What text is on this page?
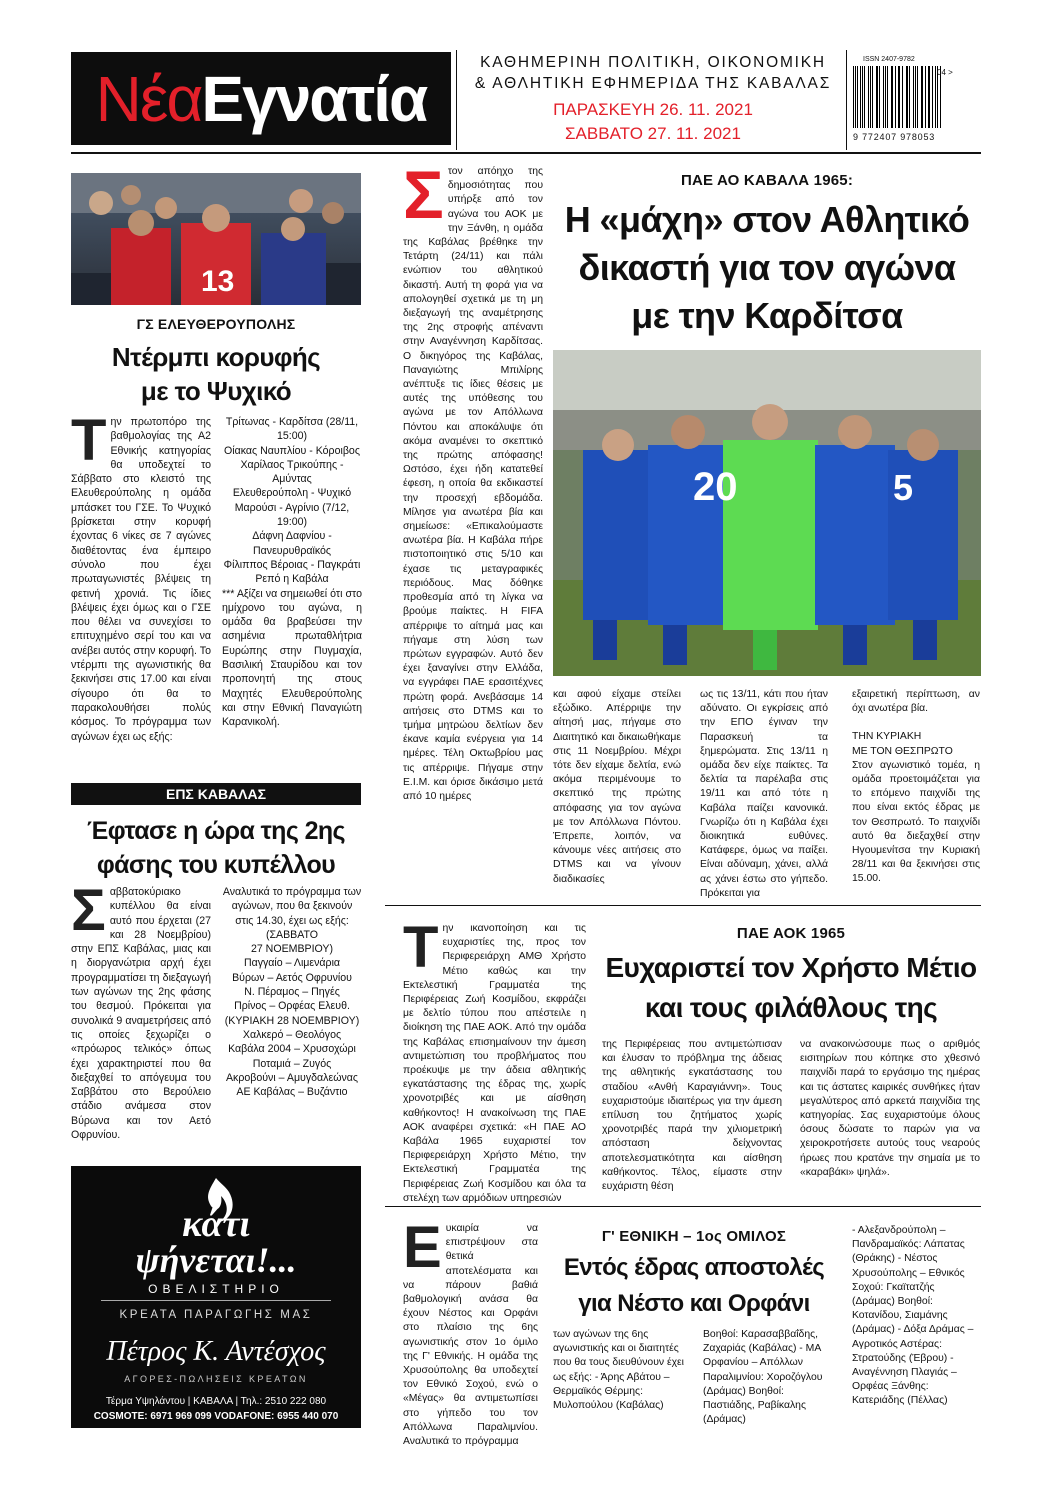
Νέα Εγνατία	ΚΑΘΗΜΕΡΙΝΗ ΠΟΛΙΤΙΚΗ, ΟΙΚΟΝΟΜΙΚΗ
& ΑΘΛΗΤΙΚΗ ΕΦΗΜΕΡΙΔΑ ΤΗΣ ΚΑΒΑΛΑΣ
ΠΑΡΑΣΚΕΥΗ 26. 11. 2021
ΣΑΒΒΑΤΟ 27. 11. 2021
ISSN 2407-9782
04 >
9 772407 978053
13
ΓΣ ΕΛΕΥΘΕΡΟΥΠΟΛΗΣ
Ντέρμπι κορυφής
με το Ψυχικό
Την πρωτοπόρο της βαθμολογίας της Α2 Εθνικής κατηγορίας θα υποδεχτεί το Σάββατο στο κλειστό της Ελευθερούπολης η ομάδα μπάσκετ του ΓΣΕ. Το Ψυχικό βρίσκεται στην κορυφή έχοντας 6 νίκες σε 7 αγώνες διαθέτοντας ένα έμπειρο σύνολο που έχει πρωταγωνιστές βλέψεις τη φετινή χρονιά. Τις ίδιες βλέψεις έχει όμως και ο ΓΣΕ που θέλει να συνεχίσει το επιτυχημένο σερί του και να ανέβει αυτός στην κορυφή. Το ντέρμπι της αγωνιστικής θα ξεκινήσει στις 17.00 και είναι σίγουρο ότι θα το παρακολουθήσει πολύς κόσμος. Το πρόγραμμα των αγώνων έχει ως εξής:
Τρίτωνας - Καρδίτσα (28/11, 15:00)
Οίακας Ναυπλίου - Κόροιβος
Χαρίλαος Τρικούπης - Αμύντας
Ελευθερούπολη - Ψυχικό
Μαρούσι - Αγρίνιο (7/12, 19:00)
Δάφνη Δαφνίου - Πανευρυθραϊκός
Φίλιππος Βέροιας - Παγκράτι
Ρεπό η Καβάλα
*** Αξίζει να σημειωθεί ότι στο ημίχρονο του αγώνα, η ομάδα θα βραβεύσει την ασημένια πρωταθλήτρια Ευρώπης στην Πυγμαχία, Βασιλική Σταυρίδου και τον προπονητή της στους Μαχητές Ελευθερούπολης και στην Εθνική Παναγιώτη Καρανικολή.
ΕΠΣ ΚΑΒΑΛΑΣ
Έφτασε η ώρα της 2ης
φάσης του κυπέλλου
Σαββατοκύριακο κυπέλλου θα είναι αυτό που έρχεται (27 και 28 Νοεμβρίου) στην ΕΠΣ Καβάλας, μιας και η διοργανώτρια αρχή έχει προγραμματίσει τη διεξαγωγή των αγώνων της 2ης φάσης του θεσμού. Πρόκειται για συνολικά 9 αναμετρήσεις από τις οποίες ξεχωρίζει ο «πρόωρος τελικός» όπως έχει χαρακτηριστεί που θα διεξαχθεί το απόγευμα του Σαββάτου στο Βερούλειο στάδιο ανάμεσα στον Βύρωνα και τον Αετό Οφρυνίου.
Αναλυτικά το πρόγραμμα των αγώνων, που θα ξεκινούν στις 14.30, έχει ως εξής:
(ΣΑΒΒΑΤΟ
27 ΝΟΕΜΒΡΙΟΥ)
Παγγαίο – Λιμενάρια
Βύρων – Αετός Οφρυνίου
Ν. Πέραμος – Πηγές
Πρίνος – Ορφέας Ελευθ.
(ΚΥΡΙΑΚΗ 28 ΝΟΕΜΒΡΙΟΥ)
Χαλκερό – Θεολόγος
Καβάλα 2004 – Χρυσοχώρι
Ποταμιά – Ζυγός
Ακροβούνι – Αμυγδαλεώνας
ΑΕ Καβάλας – Βυζάντιο
κάτι
ψήνεται!...
ΟΒΕΛΙΣΤΗΡΙΟ
ΚΡΕΑΤΑ ΠΑΡΑΓΩΓΗΣ ΜΑΣ
Πέτρος Κ. Αντέσχος
ΑΓΟΡΕΣ-ΠΩΛΗΣΕΙΣ ΚΡΕΑΤΩΝ
Τέρμα Υψηλάντου | ΚΑΒΑΛΑ | Τηλ.: 2510 222 080
COSMOTE: 6971 969 099 VODAFONE: 6955 440 070
Στον απόηχο της δημοσιότητας που υπήρξε από τον αγώνα του ΑΟΚ με την Ξάνθη, η ομάδα της Καβάλας βρέθηκε την Τετάρτη (24/11) και πάλι ενώπιον του αθλητικού δικαστή. Αυτή τη φορά για να απολογηθεί σχετικά με τη μη διεξαγωγή της αναμέτρησης της 2ης στροφής απέναντι στην Αναγέννηση Καρδίτσας. Ο δικηγόρος της Καβάλας, Παναγιώτης Μπιλίρης ανέπτυξε τις ίδιες θέσεις με αυτές της υπόθεσης του αγώνα με τον Απόλλωνα Πόντου και αποκάλυψε ότι ακόμα αναμένει το σκεπτικό της πρώτης απόφασης! Ωστόσο, έχει ήδη κατατεθεί έφεση, η οποία θα εκδικαστεί την προσεχή εβδομάδα. Μίλησε για ανωτέρα βία και σημείωσε: «Επικαλούμαστε ανωτέρα βία. Η Καβάλα πήρε πιστοποιητικό στις 5/10 και έχασε τις μεταγραφικές περιόδους. Μας δόθηκε προθεσμία από τη λίγκα να βρούμε παίκτες. Η FIFA απέρριψε το αίτημά μας και πήγαμε στη λύση των πρώτων εγγραφών. Αυτό δεν έχει ξαναγίνει στην Ελλάδα, να εγγράφει ΠΑΕ ερασιτέχνες πρώτη φορά. Ανεβάσαμε 14 αιτήσεις στο DTMS και το τμήμα μητρώου δελτίων δεν έκανε καμία ενέργεια για 14 ημέρες. Τέλη Οκτωβρίου μας τις απέρριψε. Πήγαμε στην Ε.Ι.Μ. και όρισε δικάσιμο μετά από 10 ημέρες
ΠΑΕ ΑΟ ΚΑΒΑΛΑ 1965:
Η «μάχη» στον Αθλητικό
δικαστή για τον αγώνα
με την Καρδίτσα
20	5
και αφού είχαμε στείλει εξώδικο. Απέρριψε την αίτησή μας, πήγαμε στο Διαιτητικό και δικαιωθήκαμε στις 11 Νοεμβρίου. Μέχρι τότε δεν είχαμε δελτία, ενώ ακόμα περιμένουμε το σκεπτικό της πρώτης απόφασης για τον αγώνα με τον Απόλλωνα Πόντου. Έπρεπε, λοιπόν, να κάνουμε νέες αιτήσεις στο DTMS και να γίνουν διαδικασίες
ως τις 13/11, κάτι που ήταν αδύνατο. Οι εγκρίσεις από την ΕΠΟ έγιναν την Παρασκευή τα ξημερώματα. Στις 13/11 η ομάδα δεν είχε παίκτες. Τα δελτία τα παρέλαβα στις 19/11 και από τότε η Καβάλα παίζει κανονικά. Γνωρίζω ότι η Καβάλα έχει διοικητικά ευθύνες. Κατάφερε, όμως να παίξει. Είναι αδύναμη, χάνει, αλλά ας χάνει έστω στο γήπεδο. Πρόκειται για
εξαιρετική περίπτωση, αν όχι ανωτέρα βία.
ΤΗΝ ΚΥΡΙΑΚΗ
ΜΕ ΤΟΝ ΘΕΣΠΡΩΤΟ
Στον αγωνιστικό τομέα, η ομάδα προετοιμάζεται για το επόμενο παιχνίδι της που είναι εκτός έδρας με τον Θεσπρωτό. Το παιχνίδι αυτό θα διεξαχθεί στην Ηγουμενίτσα την Κυριακή 28/11 και θα ξεκινήσει στις 15.00.
Την ικανοποίηση και τις ευχαριστίες της, προς τον Περιφερειάρχη ΑΜΘ Χρήστο Μέτιο καθώς και την Εκτελεστική Γραμματέα της Περιφέρειας Ζωή Κοσμίδου, εκφράζει με δελτίο τύπου που απέστειλε η διοίκηση της ΠΑΕ ΑΟΚ. Από την ομάδα της Καβάλας επισημαίνουν την άμεση αντιμετώπιση του προβλήματος που προέκυψε με την άδεια αθλητικής εγκατάστασης της έδρας της, χωρίς χρονοτριβές και με αίσθηση καθήκοντος! Η ανακοίνωση της ΠΑΕ ΑΟΚ αναφέρει σχετικά: «Η ΠΑΕ ΑΟ Καβάλα 1965 ευχαριστεί τον Περιφερειάρχη Χρήστο Μέτιο, την Εκτελεστική Γραμματέα της Περιφέρειας Ζωή Κοσμίδου και όλα τα στελέχη των αρμόδιων υπηρεσιών
ΠΑΕ ΑΟΚ 1965
Ευχαριστεί τον Χρήστο Μέτιο
και τους φιλάθλους της
της Περιφέρειας που αντιμετώπισαν και έλυσαν το πρόβλημα της άδειας της αθλητικής εγκατάστασης του σταδίου «Ανθή Καραγιάννη». Τους ευχαριστούμε ιδιαιτέρως για την άμεση επίλυση του ζητήματος χωρίς χρονοτριβές παρά την χιλιομετρική απόσταση δείχνοντας αποτελεσματικότητα και αίσθηση καθήκοντος. Τέλος, είμαστε στην ευχάριστη θέση
να ανακοινώσουμε πως ο αριθμός εισιτηρίων που κόπηκε στο χθεσινό παιχνίδι παρά το εργάσιμο της ημέρας και τις άστατες καιρικές συνθήκες ήταν μεγαλύτερος από αρκετά παιχνίδια της κατηγορίας. Σας ευχαριστούμε όλους όσους δώσατε το παρών για να χειροκροτήσετε αυτούς τους νεαρούς ήρωες που κρατάνε την σημαία με το «καραβάκι» ψηλά».
Ευκαιρία να επιστρέψουν στα θετικά αποτελέσματα και να πάρουν βαθιά βαθμολογική ανάσα θα έχουν Νέστος και Ορφάνι στο πλαίσιο της 6ης αγωνιστικής στον 1ο όμιλο της Γ' Εθνικής. Η ομάδα της Χρυσούπολης θα υποδεχτεί τον Εθνικό Σοχού, ενώ ο «Μέγας» θα αντιμετωπίσει στο γήπεδο του τον Απόλλωνα Παραλιμνίου. Αναλυτικά το πρόγραμμα
Γ' ΕΘΝΙΚΗ – 1ος ΟΜΙΛΟΣ
Εντός έδρας αποστολές
για Νέστο και Ορφάνι
των αγώνων της 6ης αγωνιστικής και οι διαιτητές που θα τους διευθύνουν έχει ως εξής: - Άρης Αβάτου – Θερμαϊκός Θέρμης: Μυλοπούλου (Καβάλας)
Βοηθοί: Καρασαββαΐδης, Ζαχαρiάς (Καβάλας) - ΜΑ Ορφανίου – Απόλλων Παραλιμνίου: Χοροζόγλου (Δράμας) Βοηθοί: Παστιάδης, Ραβίκαλης (Δράμας)
- Αλεξανδρούπολη – Πανδραμαϊκός: Λάπατας (Θράκης) - Νέστος Χρυσούπολης – Εθνικός Σοχού: Γκαϊτατζής (Δράμας) Βοηθοί: Κοτανίδου, Σιαμάνης (Δράμας) - Δόξα Δράμας – Αγροτικός Αστέρας: Στρατούδης (Έβρου) - Αναγέννηση Πλαγιάς – Ορφέας Ξάνθης: Κατεριάδης (Πέλλας)
